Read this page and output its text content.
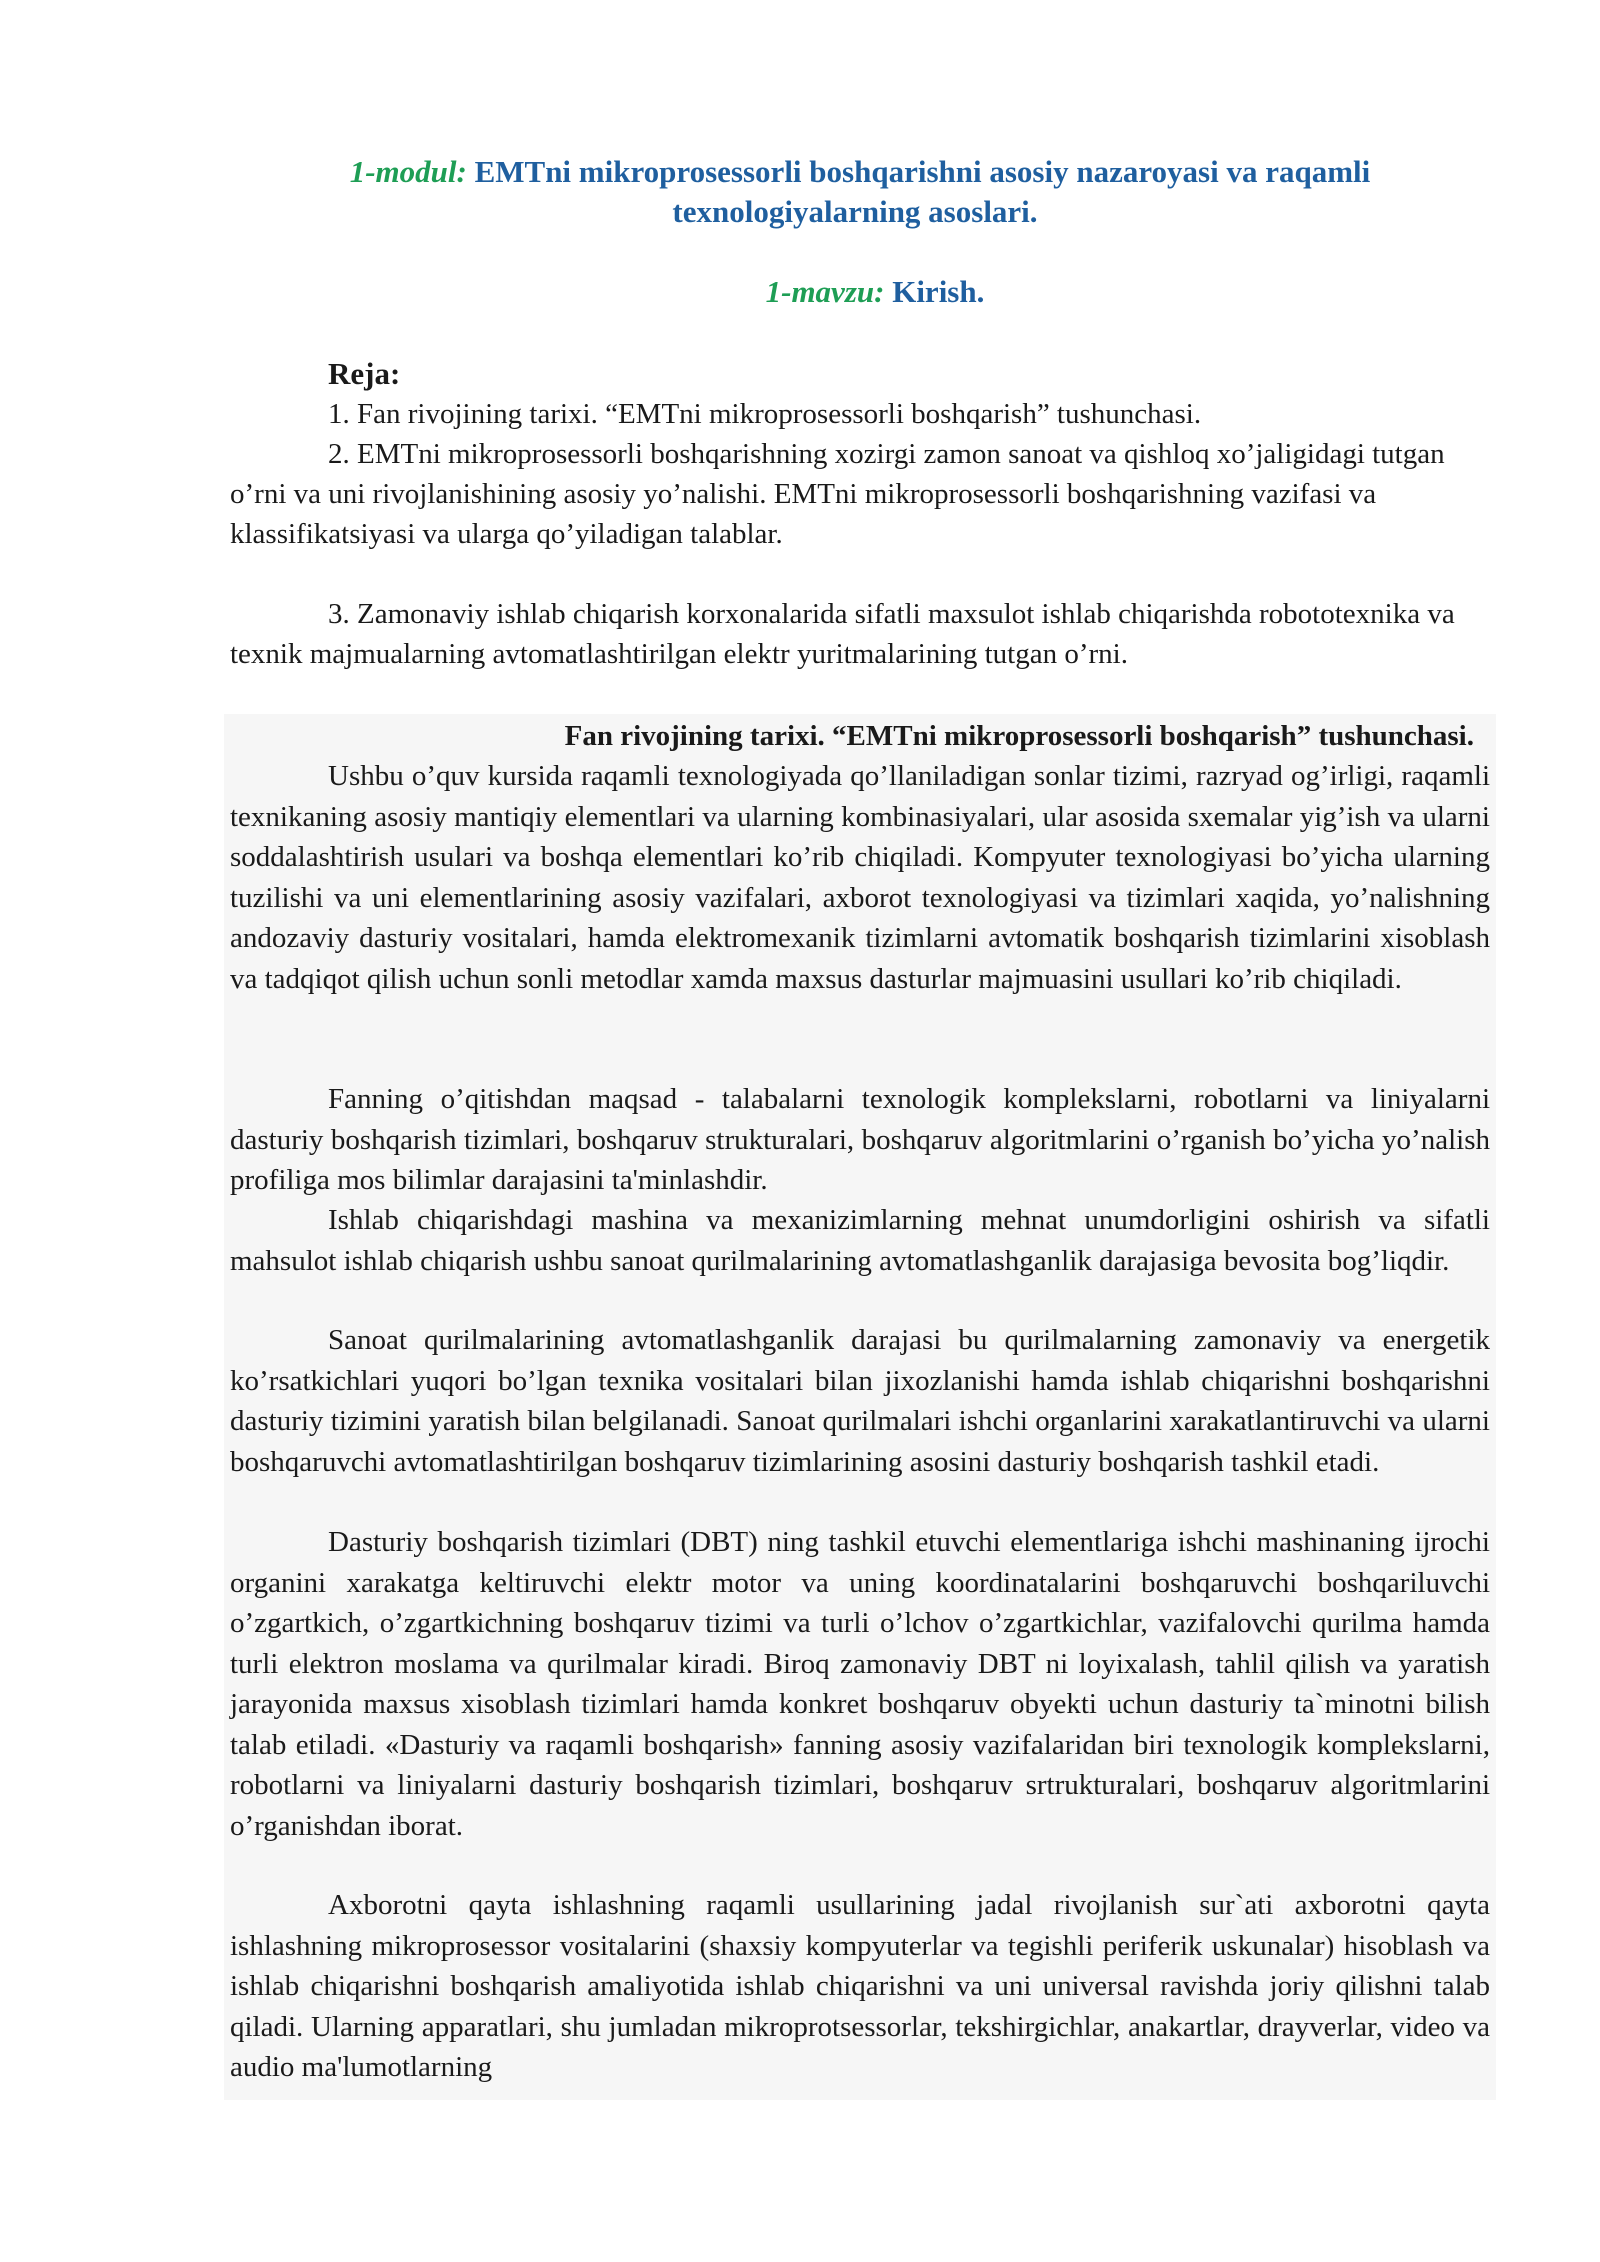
1-modul: EMTni mikroprosessorli boshqarishni asosiy nazaroyasi va raqamli
texnologiyalarning asoslari.
1-mavzu: Kirish.
Reja:

1. Fan rivojining tarixi. “EMTni mikroprosessorli boshqarish” tushunchasi.

2. EMTni mikroprosessorli boshqarishning xozirgi zamon sanoat va qishloq xo’jaligidagi tutgan o’rni va uni rivojlanishining asosiy yo’nalishi. EMTni mikroprosessorli boshqarishning vazifasi va klassifikatsiyasi va ularga qo’yiladigan talablar.

3. Zamonaviy ishlab chiqarish korxonalarida sifatli maxsulot ishlab chiqarishda robototexnika va texnik majmualarning avtomatlashtirilgan elektr yuritmalarining tutgan o’rni.

Fan rivojining tarixi. “EMTni mikroprosessorli boshqarish” tushunchasi.

Ushbu o’quv kursida raqamli texnologiyada qo’llaniladigan sonlar tizimi, razryad og’irligi, raqamli texnikaning asosiy mantiqiy elementlari va ularning kombinasiyalari, ular asosida sxemalar yig’ish va ularni soddalashtirish usulari va boshqa elementlari ko’rib chiqiladi. Kompyuter texnologiyasi bo’yicha ularning tuzilishi va uni elementlarining asosiy vazifalari, axborot texnologiyasi va tizimlari xaqida, yo’nalishning andozaviy dasturiy vositalari, hamda elektromexanik tizimlarni avtomatik boshqarish tizimlarini xisoblash va tadqiqot qilish uchun sonli metodlar xamda maxsus dasturlar majmuasini usullari ko’rib chiqiladi.

Fanning o’qitishdan maqsad - talabalarni texnologik komplekslarni, robotlarni va liniyalarni dasturiy boshqarish tizimlari, boshqaruv strukturalari, boshqaruv algoritmlarini o’rganish bo’yicha yo’nalish profiliga mos bilimlar darajasini ta'minlashdir.

Ishlab chiqarishdagi mashina va mexanizimlarning mehnat unumdorligini oshirish va sifatli mahsulot ishlab chiqarish ushbu sanoat qurilmalarining avtomatlashganlik darajasiga bevosita bog’liqdir.

Sanoat qurilmalarining avtomatlashganlik darajasi bu qurilmalarning zamonaviy va energetik ko’rsatkichlari yuqori bo’lgan texnika vositalari bilan jixozlanishi hamda ishlab chiqarishni boshqarishni dasturiy tizimini yaratish bilan belgilanadi. Sanoat qurilmalari ishchi organlarini xarakatlantiruvchi va ularni boshqaruvchi avtomatlashtirilgan boshqaruv tizimlarining asosini dasturiy boshqarish tashkil etadi.

Dasturiy boshqarish tizimlari (DBT) ning tashkil etuvchi elementlariga ishchi mashinaning ijrochi organini xarakatga keltiruvchi elektr motor va uning koordinatalarini boshqaruvchi boshqariluvchi o’zgartkich, o’zgartkichning boshqaruv tizimi va turli o’lchov o’zgartkichlar, vazifalovchi qurilma hamda turli elektron moslama va qurilmalar kiradi. Biroq zamonaviy DBT ni loyixalash, tahlil qilish va yaratish jarayonida maxsus xisoblash tizimlari hamda konkret boshqaruv obyekti uchun dasturiy ta`minotni bilish talab etiladi. «Dasturiy va raqamli boshqarish» fanning asosiy vazifalaridan biri texnologik komplekslarni, robotlarni va liniyalarni dasturiy boshqarish tizimlari, boshqaruv srtrukturalari, boshqaruv algoritmlarini o’rganishdan iborat.

Axborotni qayta ishlashning raqamli usullarining jadal rivojlanish sur`ati axborotni qayta ishlashning mikroprosessor vositalarini (shaxsiy kompyuterlar va tegishli periferik uskunalar) hisoblash va ishlab chiqarishni boshqarish amaliyotida ishlab chiqarishni va uni universal ravishda joriy qilishni talab qiladi. Ularning apparatlari, shu jumladan mikroprotsessorlar, tekshirgichlar, anakartlar, drayverlar, video va audio ma'lumotlarning
